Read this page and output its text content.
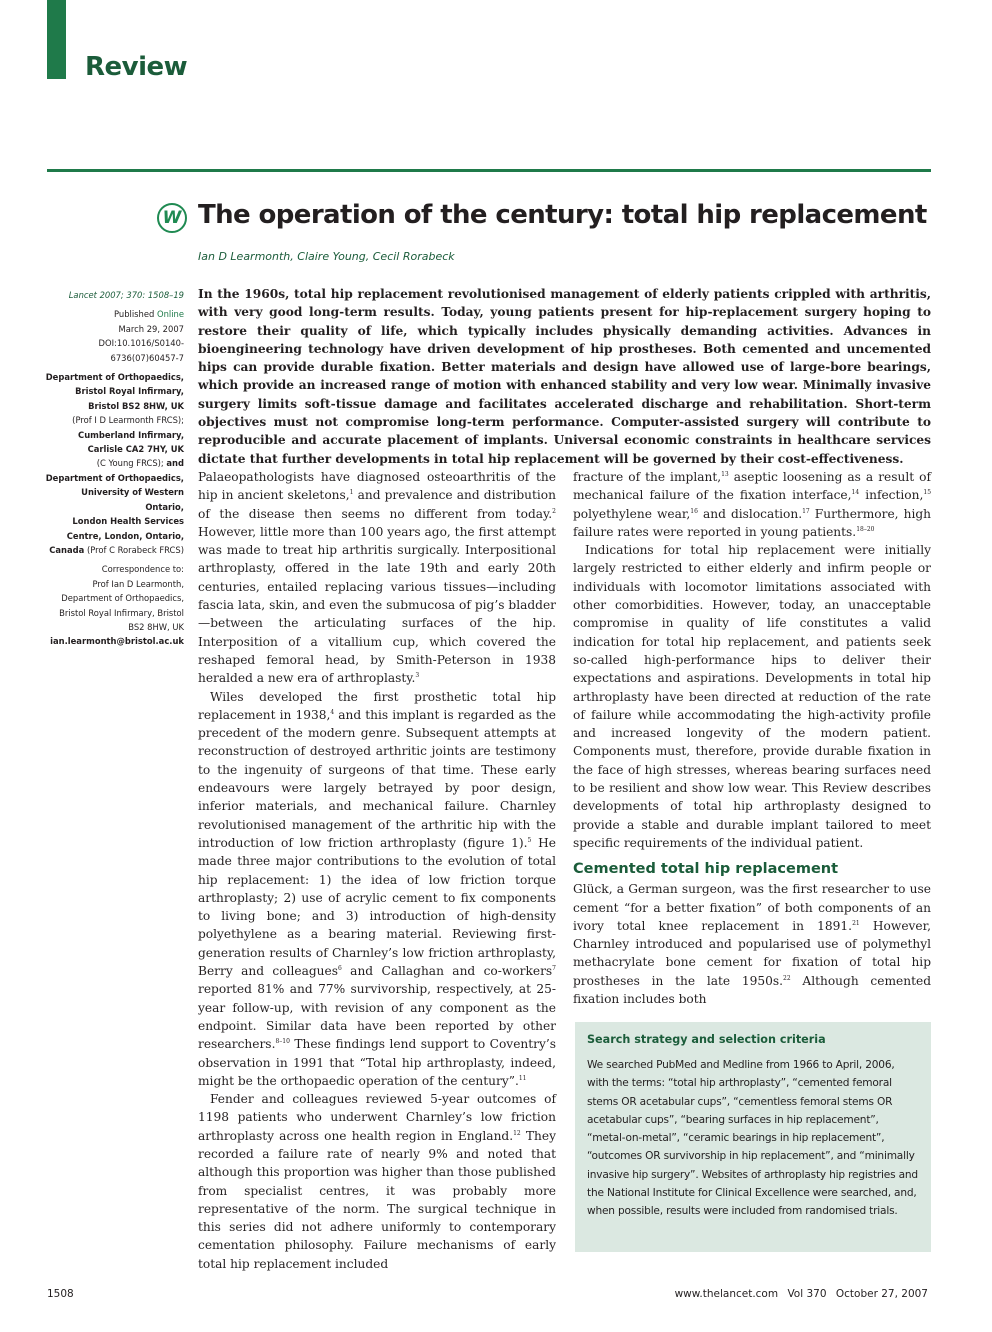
Review
W The operation of the century: total hip replacement
Ian D Learmonth, Claire Young, Cecil Rorabeck

Lancet 2007; 370: 1508–19

Published Online
March 29, 2007
DOI:10.1016/S0140-
6736(07)60457-7

Department of Orthopaedics,
Bristol Royal Infirmary,
Bristol BS2 8HW, UK
(Prof I D Learmonth FRCS);
Cumberland Infirmary,
Carlisle CA2 7HY, UK
(C Young FRCS); and
Department of Orthopaedics,
University of Western Ontario,
London Health Services
Centre, London, Ontario,
Canada (Prof C Rorabeck FRCS)

Correspondence to:
Prof Ian D Learmonth,
Department of Orthopaedics,
Bristol Royal Infirmary, Bristol
BS2 8HW, UK
ian.learmonth@bristol.ac.uk

In the 1960s, total hip replacement revolutionised management of elderly patients crippled with arthritis, with very good long-term results. Today, young patients present for hip-replacement surgery hoping to restore their quality of life, which typically includes physically demanding activities. Advances in bioengineering technology have driven development of hip prostheses. Both cemented and uncemented hips can provide durable fixation. Better materials and design have allowed use of large-bore bearings, which provide an increased range of motion with enhanced stability and very low wear. Minimally invasive surgery limits soft-tissue damage and facilitates accelerated discharge and rehabilitation. Short-term objectives must not compromise long-term performance. Computer-assisted surgery will contribute to reproducible and accurate placement of implants. Universal economic constraints in healthcare services dictate that further developments in total hip replacement will be governed by their cost-effectiveness.

Palaeopathologists have diagnosed osteoarthritis of the hip in ancient skeletons,$^1$ and prevalence and distribution of the disease then seems no different from today.$^2$ However, little more than 100 years ago, the first attempt was made to treat hip arthritis surgically. Interpositional arthroplasty, offered in the late 19th and early 20th centuries, entailed replacing various tissues—including fascia lata, skin, and even the submucosa of pig’s bladder—between the articulating surfaces of the hip. Interposition of a vitallium cup, which covered the reshaped femoral head, by Smith-Peterson in 1938 heralded a new era of arthroplasty.$^3$

Wiles developed the first prosthetic total hip replacement in 1938,$^4$ and this implant is regarded as the precedent of the modern genre. Subsequent attempts at reconstruction of destroyed arthritic joints are testimony to the ingenuity of surgeons of that time. These early endeavours were largely betrayed by poor design, inferior materials, and mechanical failure. Charnley revolutionised management of the arthritic hip with the introduction of low friction arthroplasty (figure 1).$^5$ He made three major contributions to the evolution of total hip replacement: 1) the idea of low friction torque arthroplasty; 2) use of acrylic cement to fix components to living bone; and 3) introduction of high-density polyethylene as a bearing material. Reviewing first-generation results of Charnley’s low friction arthroplasty, Berry and colleagues$^6$ and Callaghan and co-workers$^7$ reported 81% and 77% survivorship, respectively, at 25-year follow-up, with revision of any component as the endpoint. Similar data have been reported by other researchers.$^{8-10}$ These findings lend support to Coventry’s observation in 1991 that “Total hip arthroplasty, indeed, might be the orthopaedic operation of the century”.$^{11}$

Fender and colleagues reviewed 5-year outcomes of 1198 patients who underwent Charnley’s low friction arthroplasty across one health region in England.$^{12}$ They recorded a failure rate of nearly 9% and noted that although this proportion was higher than those published from specialist centres, it was probably more representative of the norm. The surgical technique in this series did not adhere uniformly to contemporary cementation philosophy. Failure mechanisms of early total hip replacement included

fracture of the implant,$^{13}$ aseptic loosening as a result of mechanical failure of the fixation interface,$^{14}$ infection,$^{15}$ polyethylene wear,$^{16}$ and dislocation.$^{17}$ Furthermore, high failure rates were reported in young patients.$^{18-20}$

Indications for total hip replacement were initially largely restricted to either elderly and infirm people or individuals with locomotor limitations associated with other comorbidities. However, today, an unacceptable compromise in quality of life constitutes a valid indication for total hip replacement, and patients seek so-called high-performance hips to deliver their expectations and aspirations. Developments in total hip arthroplasty have been directed at reduction of the rate of failure while accommodating the high-activity profile and increased longevity of the modern patient. Components must, therefore, provide durable fixation in the face of high stresses, whereas bearing surfaces need to be resilient and show low wear. This Review describes developments of total hip arthroplasty designed to provide a stable and durable implant tailored to meet specific requirements of the individual patient.

Cemented total hip replacement

Glück, a German surgeon, was the first researcher to use cement “for a better fixation” of both components of an ivory total knee replacement in 1891.21 However, Charnley introduced and popularised use of polymethyl methacrylate bone cement for fixation of total hip prostheses in the late 1950s.$^{22}$ Although cemented fixation includes both

Search strategy and selection criteria

We searched PubMed and Medline from 1966 to April, 2006, with the terms: “total hip arthroplasty”, “cemented femoral stems OR acetabular cups”, “cementless femoral stems OR acetabular cups”, “bearing surfaces in hip replacement”, “metal-on-metal”, “ceramic bearings in hip replacement”, “outcomes OR survivorship in hip replacement”, and “minimally invasive hip surgery”. Websites of arthroplasty hip registries and the National Institute for Clinical Excellence were searched, and, when possible, results were included from randomised trials.

1508	www.thelancet.com Vol 370 October 27, 2007
